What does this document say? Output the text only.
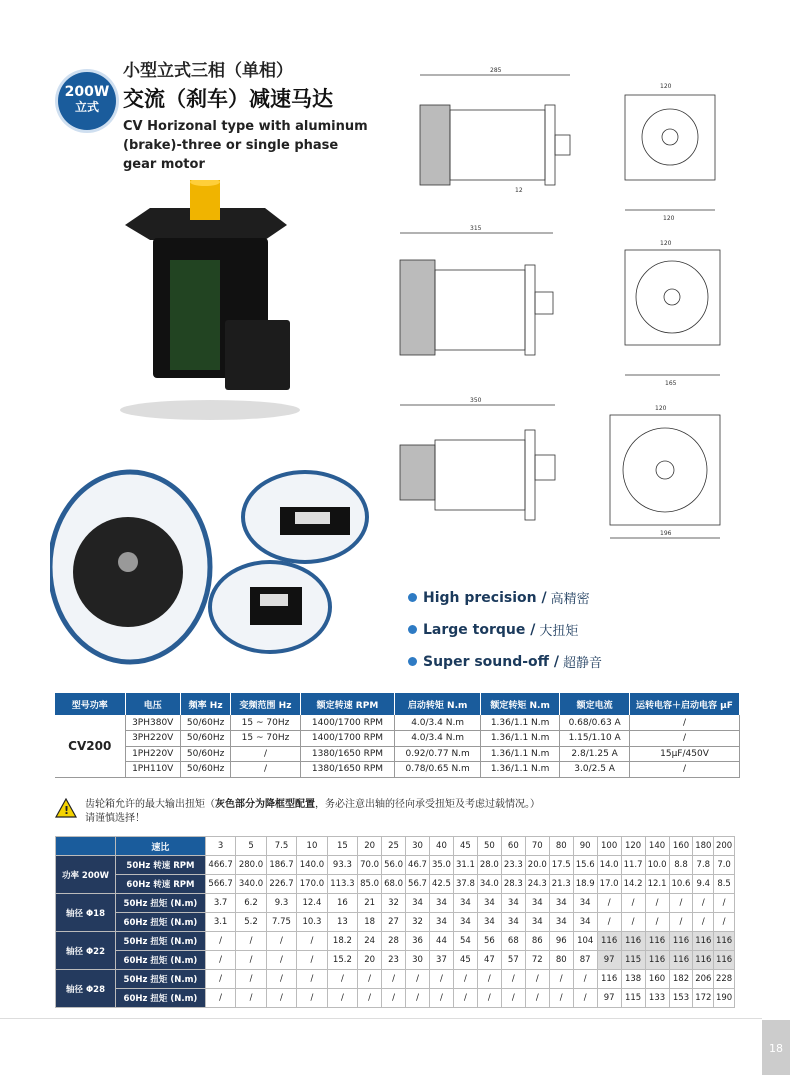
200W
立式
小型立式三相（单相）
交流（刹车）减速马达
CV Horizonal type with aluminum (brake)-three or single phase gear motor
285
120
120
12
315
120
165
350
120
196
High precision / 高精密
Large torque / 大扭矩
Super sound-off / 超静音
型号功率	电压	频率 Hz	变频范围 Hz	额定转速 RPM	启动转矩 N.m	额定转矩 N.m	额定电流	运转电容＋启动电容 μF
CV200	3PH380V	50/60Hz	15 ~ 70Hz	1400/1700 RPM	4.0/3.4 N.m	1.36/1.1 N.m	0.68/0.63 A	/
	3PH220V	50/60Hz	15 ~ 70Hz	1400/1700 RPM	4.0/3.4 N.m	1.36/1.1 N.m	1.15/1.10 A	/
	1PH220V	50/60Hz	/	1380/1650 RPM	0.92/0.77 N.m	1.36/1.1 N.m	2.8/1.25 A	15μF/450V
	1PH110V	50/60Hz	/	1380/1650 RPM	0.78/0.65 N.m	1.36/1.1 N.m	3.0/2.5 A	/
! 齿轮箱允许的最大输出扭矩（灰色部分为降框型配置，务必注意出轴的径向承受扭矩及考虑过载情况。）
请谨慎选择！
	速比	3	5	7.5	10	15	20	25	30	40	45	50	60	70	80	90	100	120	140	160	180	200
功率 200W	50Hz 转速 RPM	466.7	280.0	186.7	140.0	93.3	70.0	56.0	46.7	35.0	31.1	28.0	23.3	20.0	17.5	15.6	14.0	11.7	10.0	8.8	7.8	7.0
	60Hz 转速 RPM	566.7	340.0	226.7	170.0	113.3	85.0	68.0	56.7	42.5	37.8	34.0	28.3	24.3	21.3	18.9	17.0	14.2	12.1	10.6	9.4	8.5
轴径 Φ18	50Hz 扭矩 (N.m)	3.7	6.2	9.3	12.4	16	21	32	34	34	34	34	34	34	34	34	/	/	/	/	/	/
	60Hz 扭矩 (N.m)	3.1	5.2	7.75	10.3	13	18	27	32	34	34	34	34	34	34	34	/	/	/	/	/	/
轴径 Φ22	50Hz 扭矩 (N.m)	/	/	/	/	18.2	24	28	36	44	54	56	68	86	96	104	116	116	116	116	116	116
	60Hz 扭矩 (N.m)	/	/	/	/	15.2	20	23	30	37	45	47	57	72	80	87	97	115	116	116	116	116
轴径 Φ28	50Hz 扭矩 (N.m)	/	/	/	/	/	/	/	/	/	/	/	/	/	/	/	116	138	160	182	206	228
	60Hz 扭矩 (N.m)	/	/	/	/	/	/	/	/	/	/	/	/	/	/	/	97	115	133	153	172	190
18
